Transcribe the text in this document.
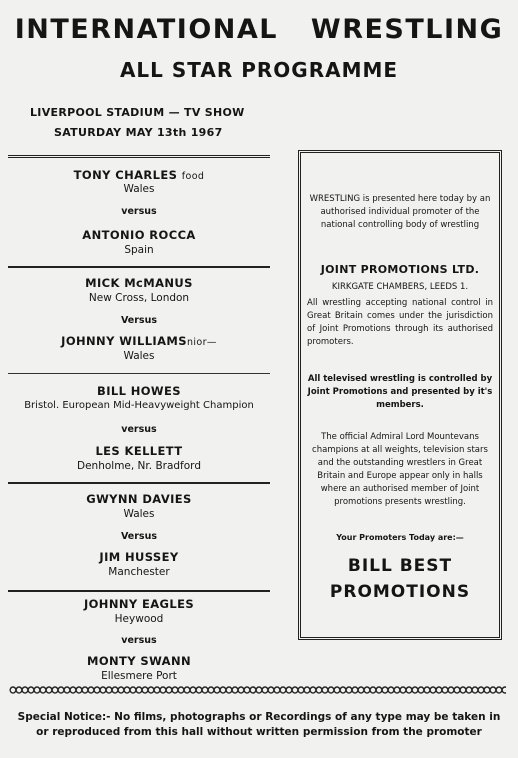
INTERNATIONAL WRESTLING
ALL STAR PROGRAMME
LIVERPOOL STADIUM — TV SHOW
SATURDAY MAY 13th 1967
TONY CHARLES food
Wales
versus
ANTONIO ROCCA
Spain
MICK McMANUS
New Cross, London
Versus
JOHNNY WILLIAMSnior—
Wales
BILL HOWES
Bristol. European Mid-Heavyweight Champion
versus
LES KELLETT
Denholme, Nr. Bradford
GWYNN DAVIES
Wales
Versus
JIM HUSSEY
Manchester
JOHNNY EAGLES
Heywood
versus
MONTY SWANN
Ellesmere Port
WRESTLING is presented here today by an authorised individual promoter of the national controlling body of wrestling
JOINT PROMOTIONS LTD.
KIRKGATE CHAMBERS, LEEDS 1.
All wrestling accepting national control in Great Britain comes under the jurisdiction of Joint Promotions through its authorised promoters.
All televised wrestling is controlled by Joint Promotions and presented by it's members.
The official Admiral Lord Mountevans champions at all weights, television stars and the outstanding wrestlers in Great Britain and Europe appear only in halls where an authorised member of Joint promotions presents wrestling.
Your Promoters Today are:—
BILL BEST
PROMOTIONS
Special Notice:- No films, photographs or Recordings of any type may be taken in or reproduced from this hall without written permission from the promoter
